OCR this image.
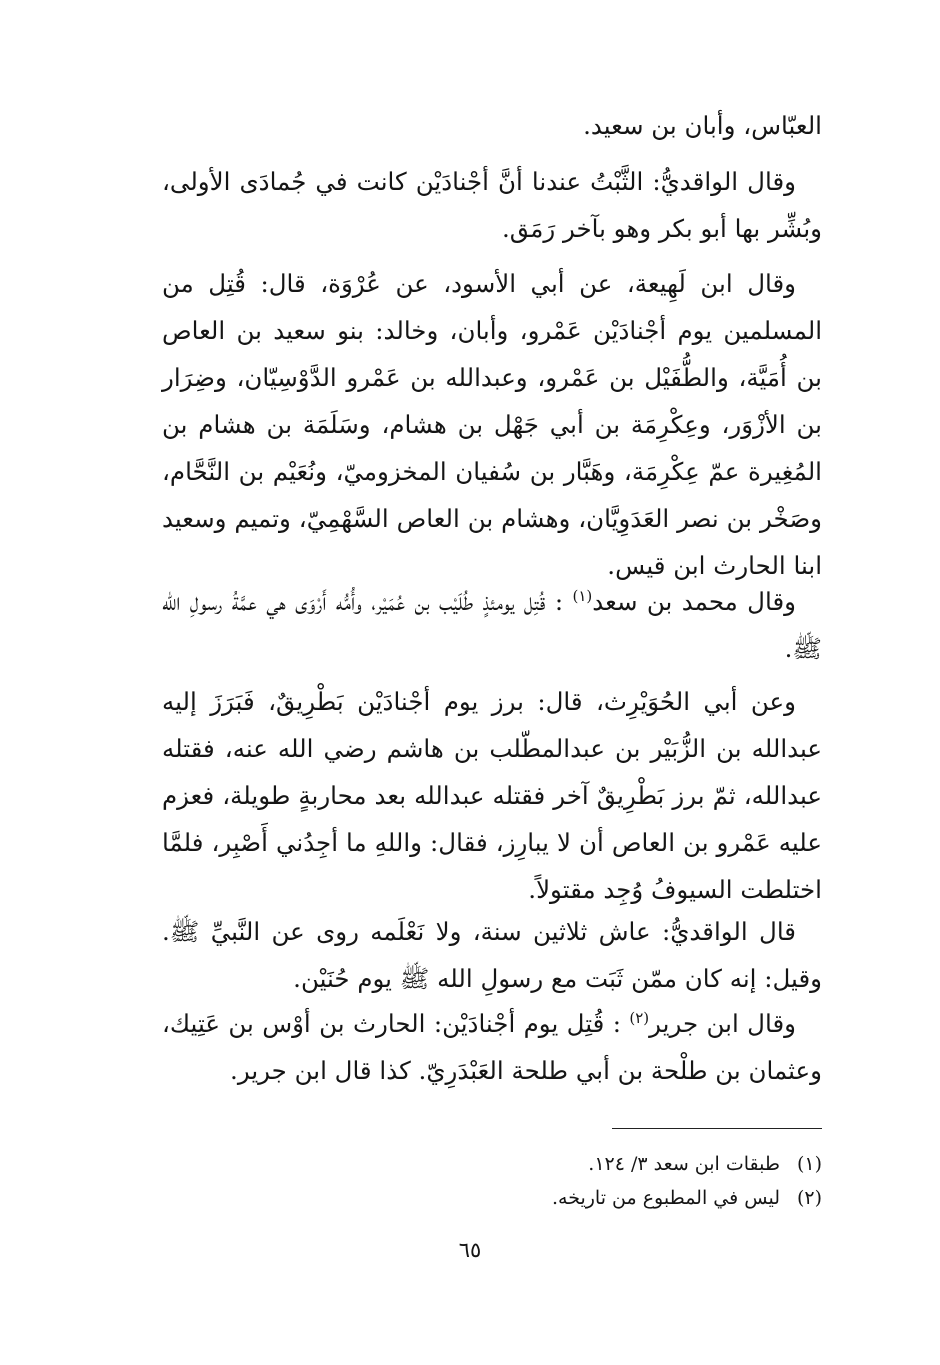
العبّاس، وأبان بن سعيد.

وقال الواقديُّ: الثَّبْتُ عندنا أنَّ أجْنادَيْن كانت في جُمادَى الأولى، وبُشِّر بها أبو بكر وهو بآخر رَمَق.

وقال ابن لَهِيعة، عن أبي الأسود، عن عُرْوَة، قال: قُتِل من المسلمين يوم أجْنادَيْن عَمْرو، وأبان، وخالد: بنو سعيد بن العاص بن أُمَيَّة، والطُّفَيْل بن عَمْرو، وعبدالله بن عَمْرو الدَّوْسِيّان، وضِرَار بن الأزْوَر، وعِكْرِمَة بن أبي جَهْل بن هشام، وسَلَمَة بن هشام بن المُغِيرة عمّ عِكْرِمَة، وهَبَّار بن سُفيان المخزوميّ، ونُعَيْم بن النَّحَّام، وصَخْر بن نصر العَدَوِيَّان، وهشام بن العاص السَّهْمِيّ، وتميم وسعيد ابنا الحارث ابن قيس.

وقال محمد بن سعد$^{(١)}$ : قُتِل يومئذٍ طُلَيْب بن عُمَيْر، وأُمُّه أَرْوَى هي عمَّةُ رسولِ الله ﷺ.

وعن أبي الحُوَيْرِث، قال: برز يوم أجْنادَيْن بَطْرِيقٌ، فَبَرَزَ إليه عبدالله بن الزُّبَيْر بن عبدالمطّلب بن هاشم رضي الله عنه، فقتله عبدالله، ثمّ برز بَطْرِيقٌ آخر فقتله عبدالله بعد محاربةٍ طويلة، فعزم عليه عَمْرو بن العاص أن لا يبارِز، فقال: واللهِ ما أجِدُني أَصْبِر، فلمَّا اختلطت السيوفُ وُجِد مقتولاً.

قال الواقديُّ: عاش ثلاثين سنة، ولا نَعْلَمه روى عن النَّبيِّ ﷺ. وقيل: إنه كان ممّن ثَبَت مع رسولِ الله ﷺ يوم حُنَيْن.

وقال ابن جرير$^{(٢)}$ : قُتِل يوم أجْنادَيْن: الحارث بن أوْس بن عَتِيك، وعثمان بن طلْحة بن أبي طلحة العَبْدَرِيّ. كذا قال ابن جرير.

(١)طبقات ابن سعد ٣/ ١٢٤.
(٢)ليس في المطبوع من تاريخه.
٦٥
